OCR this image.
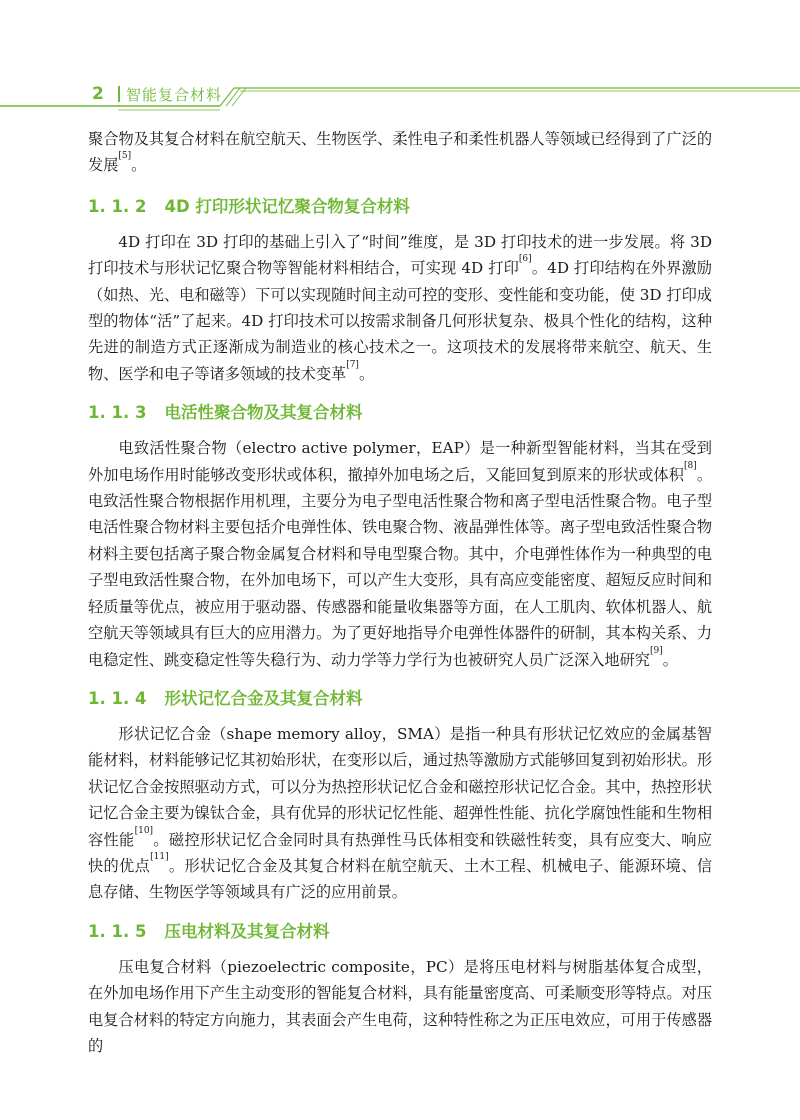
2 智能复合材料

聚合物及其复合材料在航空航天、生物医学、柔性电子和柔性机器人等领域已经得到了广泛的发展[5]。

1. 1. 2 4D 打印形状记忆聚合物复合材料

4D 打印在 3D 打印的基础上引入了“时间”维度，是 3D 打印技术的进一步发展。将 3D 打印技术与形状记忆聚合物等智能材料相结合，可实现 4D 打印[6]。4D 打印结构在外界激励（如热、光、电和磁等）下可以实现随时间主动可控的变形、变性能和变功能，使 3D 打印成型的物体“活”了起来。4D 打印技术可以按需求制备几何形状复杂、极具个性化的结构，这种先进的制造方式正逐渐成为制造业的核心技术之一。这项技术的发展将带来航空、航天、生物、医学和电子等诸多领域的技术变革[7]。

1. 1. 3 电活性聚合物及其复合材料

电致活性聚合物（electro active polymer，EAP）是一种新型智能材料，当其在受到外加电场作用时能够改变形状或体积，撤掉外加电场之后，又能回复到原来的形状或体积[8]。电致活性聚合物根据作用机理，主要分为电子型电活性聚合物和离子型电活性聚合物。电子型电活性聚合物材料主要包括介电弹性体、铁电聚合物、液晶弹性体等。离子型电致活性聚合物材料主要包括离子聚合物金属复合材料和导电型聚合物。其中，介电弹性体作为一种典型的电子型电致活性聚合物，在外加电场下，可以产生大变形，具有高应变能密度、超短反应时间和轻质量等优点，被应用于驱动器、传感器和能量收集器等方面，在人工肌肉、软体机器人、航空航天等领域具有巨大的应用潜力。为了更好地指导介电弹性体器件的研制，其本构关系、力电稳定性、跳变稳定性等失稳行为、动力学等力学行为也被研究人员广泛深入地研究[9]。

1. 1. 4 形状记忆合金及其复合材料

形状记忆合金（shape memory alloy，SMA）是指一种具有形状记忆效应的金属基智能材料，材料能够记忆其初始形状，在变形以后，通过热等激励方式能够回复到初始形状。形状记忆合金按照驱动方式，可以分为热控形状记忆合金和磁控形状记忆合金。其中，热控形状记忆合金主要为镍钛合金，具有优异的形状记忆性能、超弹性性能、抗化学腐蚀性能和生物相容性能[10]。磁控形状记忆合金同时具有热弹性马氏体相变和铁磁性转变，具有应变大、响应快的优点[11]。形状记忆合金及其复合材料在航空航天、土木工程、机械电子、能源环境、信息存储、生物医学等领域具有广泛的应用前景。

1. 1. 5 压电材料及其复合材料

压电复合材料（piezoelectric composite，PC）是将压电材料与树脂基体复合成型，在外加电场作用下产生主动变形的智能复合材料，具有能量密度高、可柔顺变形等特点。对压电复合材料的特定方向施力，其表面会产生电荷，这种特性称之为正压电效应，可用于传感器的
